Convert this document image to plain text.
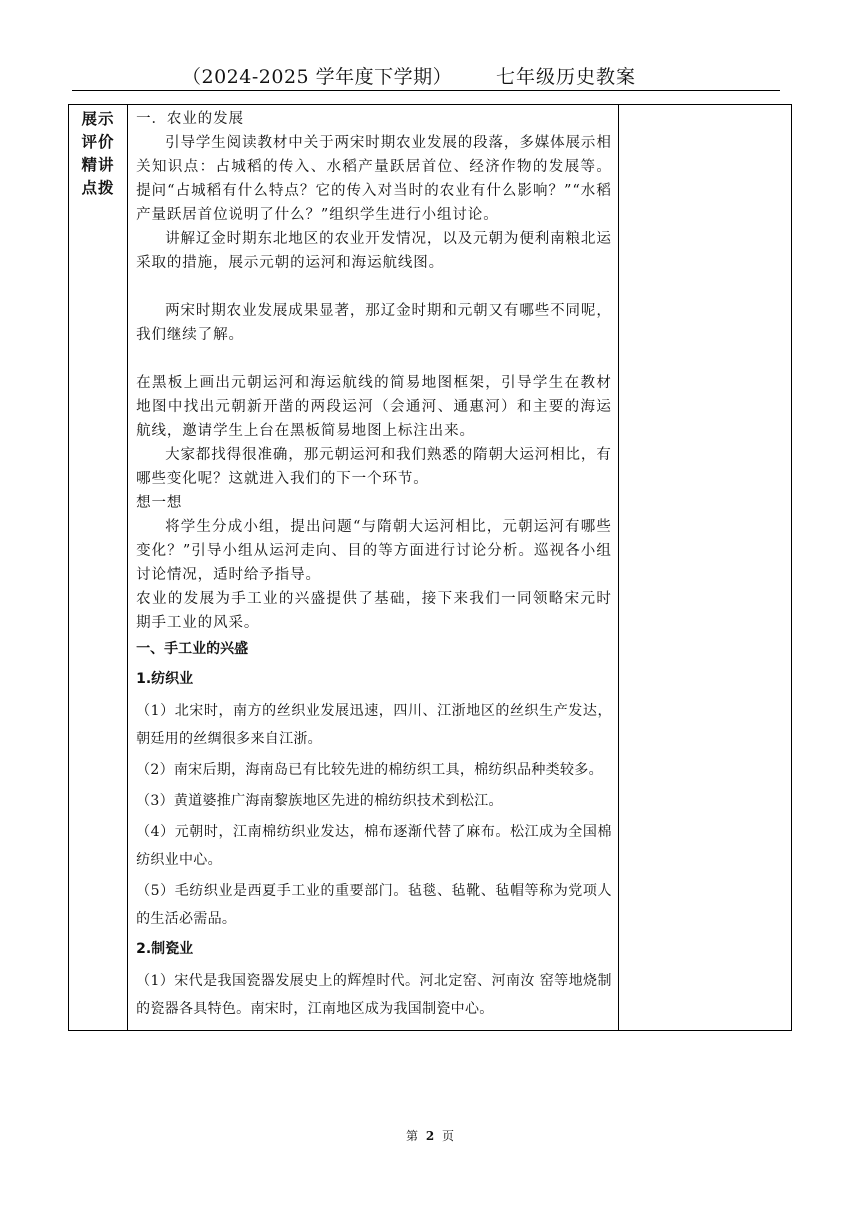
（2024-2025 学年度下学期） 七年级历史教案
展示评价精讲点拨

一．农业的发展

引导学生阅读教材中关于两宋时期农业发展的段落，多媒体展示相关知识点：占城稻的传入、水稻产量跃居首位、经济作物的发展等。提问“占城稻有什么特点？它的传入对当时的农业有什么影响？”“水稻产量跃居首位说明了什么？”组织学生进行小组讨论。

讲解辽金时期东北地区的农业开发情况，以及元朝为便利南粮北运采取的措施，展示元朝的运河和海运航线图。

两宋时期农业发展成果显著，那辽金时期和元朝又有哪些不同呢，我们继续了解。

在黑板上画出元朝运河和海运航线的简易地图框架，引导学生在教材地图中找出元朝新开凿的两段运河（会通河、通惠河）和主要的海运航线，邀请学生上台在黑板简易地图上标注出来。

大家都找得很准确，那元朝运河和我们熟悉的隋朝大运河相比，有哪些变化呢？这就进入我们的下一个环节。

想一想

将学生分成小组，提出问题“与隋朝大运河相比，元朝运河有哪些变化？”引导小组从运河走向、目的等方面进行讨论分析。巡视各小组讨论情况，适时给予指导。

农业的发展为手工业的兴盛提供了基础，接下来我们一同领略宋元时期手工业的风采。

一、手工业的兴盛
1.纺织业

（1）北宋时，南方的丝织业发展迅速，四川、江浙地区的丝织生产发达，朝廷用的丝绸很多来自江浙。

（2）南宋后期，海南岛已有比较先进的棉纺织工具，棉纺织品种类较多。

（3）黄道婆推广海南黎族地区先进的棉纺织技术到松江。

（4）元朝时，江南棉纺织业发达，棉布逐渐代替了麻布。松江成为全国棉纺织业中心。

（5）毛纺织业是西夏手工业的重要部门。毡毯、毡靴、毡帽等称为党项人的生活必需品。

2.制瓷业

（1）宋代是我国瓷器发展史上的辉煌时代。河北定窑、河南汝 窑等地烧制的瓷器各具特色。南宋时，江南地区成为我国制瓷中心。

第 2 页
